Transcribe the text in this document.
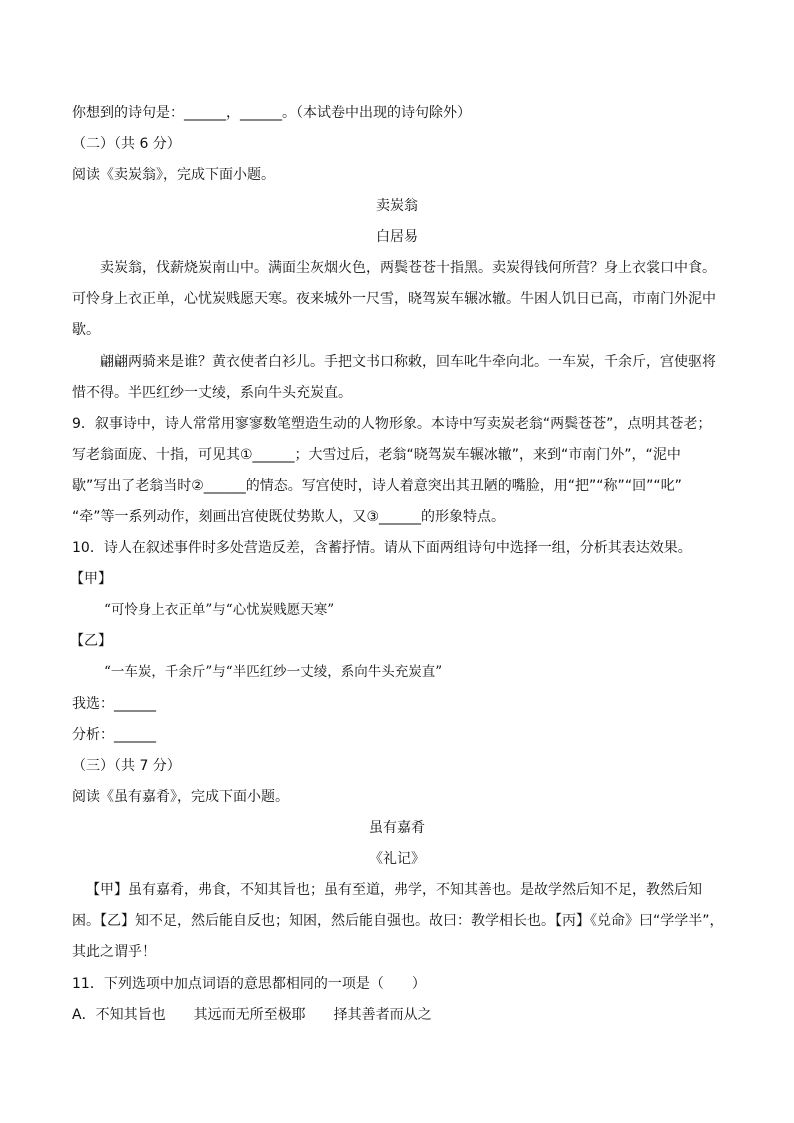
你想到的诗句是：______，______。（本试卷中出现的诗句除外）
（二）（共 6 分）
阅读《卖炭翁》，完成下面小题。
卖炭翁
白居易
卖炭翁，伐薪烧炭南山中。满面尘灰烟火色，两鬓苍苍十指黑。卖炭得钱何所营？身上衣裳口中食。
可怜身上衣正单，心忧炭贱愿天寒。夜来城外一尺雪，晓驾炭车辗冰辙。牛困人饥日已高，市南门外泥中
歇。
翩翩两骑来是谁？黄衣使者白衫儿。手把文书口称敕，回车叱牛牵向北。一车炭，千余斤，宫使驱将
惜不得。半匹红纱一丈绫，系向牛头充炭直。
9．叙事诗中，诗人常常用寥寥数笔塑造生动的人物形象。本诗中写卖炭老翁“两鬓苍苍”，点明其苍老；
写老翁面庞、十指，可见其①______；大雪过后，老翁“晓驾炭车辗冰辙”，来到“市南门外”，“泥中
歇”写出了老翁当时②______的情态。写宫使时，诗人着意突出其丑陋的嘴脸，用“把”“称”“回”“叱”
“牵”等一系列动作，刻画出宫使既仗势欺人，又③______的形象特点。
10．诗人在叙述事件时多处营造反差，含蓄抒情。请从下面两组诗句中选择一组，分析其表达效果。
【甲】
“可怜身上衣正单”与“心忧炭贱愿天寒”
【乙】
“一车炭，千余斤”与“半匹红纱一丈绫，系向牛头充炭直”
我选：______
分析：______
（三）（共 7 分）
阅读《虽有嘉肴》，完成下面小题。
虽有嘉肴
《礼记》
【甲】虽有嘉肴，弗食，不知其旨也；虽有至道，弗学，不知其善也。是故学然后知不足，教然后知
困。【乙】知不足，然后能自反也；知困，然后能自强也。故曰：教学相长也。【丙】《兑命》曰“学学半”，
其此之谓乎！
11．下列选项中加点词语的意思都相同的一项是（　　）
A．不知其旨也　　其远而无所至极耶　　择其善者而从之
